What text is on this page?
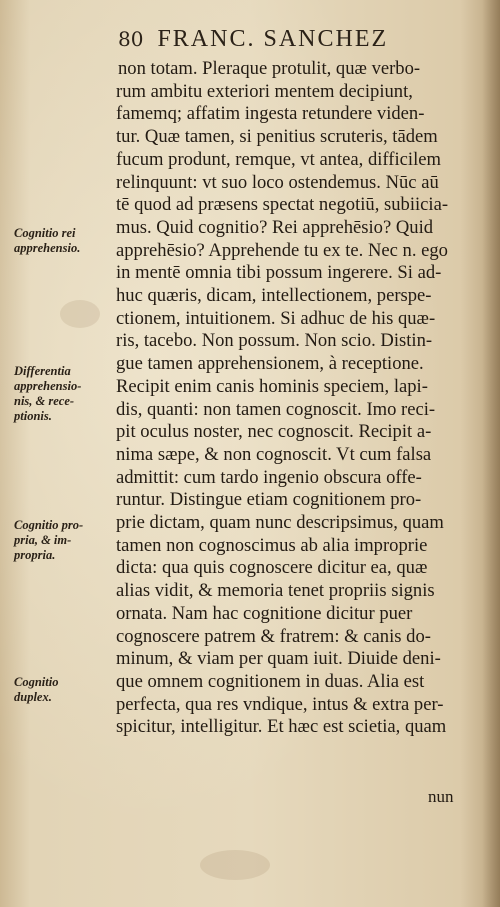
80 FRANC. SANCHEZ
Cognitio rei
apprehensio.
Differentia
apprehensio-
nis, & rece-
ptionis.
Cognitio pro-
pria, & im-
propria.
Cognitio
duplex.
non totam. Pleraque protulit, quæ verbo-
rum ambitu exteriori mentem decipiunt,
famemq; affatim ingesta retundere viden-
tur. Quæ tamen, si penitius scruteris, tādem
fucum produnt, remque, vt antea, difficilem
relinquunt: vt suo loco ostendemus. Nūc aū
tē quod ad præsens spectat negotiū, subiicia-
mus. Quid cognitio? Rei apprehēsio? Quid
apprehēsio? Apprehende tu ex te. Nec n. ego
in mentē omnia tibi possum ingerere. Si ad-
huc quæris, dicam, intellectionem, perspe-
ctionem, intuitionem. Si adhuc de his quæ-
ris, tacebo. Non possum. Non scio. Distin-
gue tamen apprehensionem, à receptione.
Recipit enim canis hominis speciem, lapi-
dis, quanti: non tamen cognoscit. Imo reci-
pit oculus noster, nec cognoscit. Recipit a-
nima sæpe, & non cognoscit. Vt cum falsa
admittit: cum tardo ingenio obscura offe-
runtur. Distingue etiam cognitionem pro-
prie dictam, quam nunc descripsimus, quam
tamen non cognoscimus ab alia improprie
dicta: qua quis cognoscere dicitur ea, quæ
alias vidit, & memoria tenet propriis signis
ornata. Nam hac cognitione dicitur puer
cognoscere patrem & fratrem: & canis do-
minum, & viam per quam iuit. Diuide deni-
que omnem cognitionem in duas. Alia est
perfecta, qua res vndique, intus & extra per-
spicitur, intelligitur. Et hæc est scietia, quam
nun
